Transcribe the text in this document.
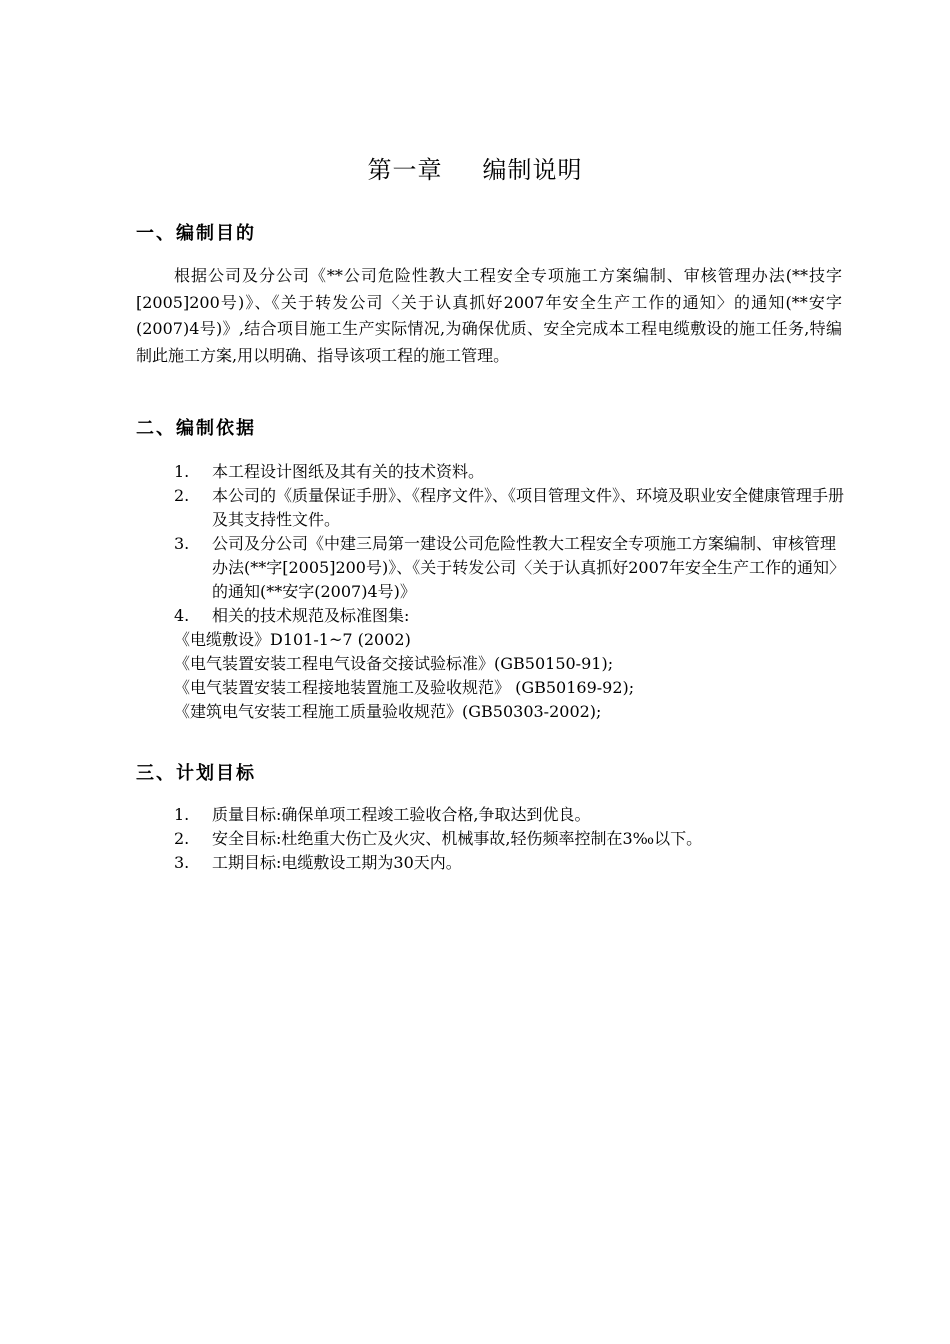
第一章 编制说明
一、编制目的
根据公司及分公司《**公司危险性教大工程安全专项施工方案编制、审核管理办法(**技字[2005]200号)》、《关于转发公司〈关于认真抓好2007年安全生产工作的通知〉的通知(**安字(2007)4号)》,结合项目施工生产实际情况,为确保优质、安全完成本工程电缆敷设的施工任务,特编制此施工方案,用以明确、指导该项工程的施工管理。
二、编制依据
1. 本工程设计图纸及其有关的技术资料。
2. 本公司的《质量保证手册》、《程序文件》、《项目管理文件》、环境及职业安全健康管理手册及其支持性文件。
3. 公司及分公司《中建三局第一建设公司危险性教大工程安全专项施工方案编制、审核管理办法(**字[2005]200号)》、《关于转发公司〈关于认真抓好2007年安全生产工作的通知〉的通知(**安字(2007)4号)》
4. 相关的技术规范及标准图集:
《电缆敷设》D101-1~7 (2002)
《电气装置安装工程电气设备交接试验标准》(GB50150-91);
《电气装置安装工程接地装置施工及验收规范》 (GB50169-92);
《建筑电气安装工程施工质量验收规范》(GB50303-2002);
三、计划目标
1. 质量目标:确保单项工程竣工验收合格,争取达到优良。
2. 安全目标:杜绝重大伤亡及火灾、机械事故,轻伤频率控制在3‰以下。
3. 工期目标:电缆敷设工期为30天内。
